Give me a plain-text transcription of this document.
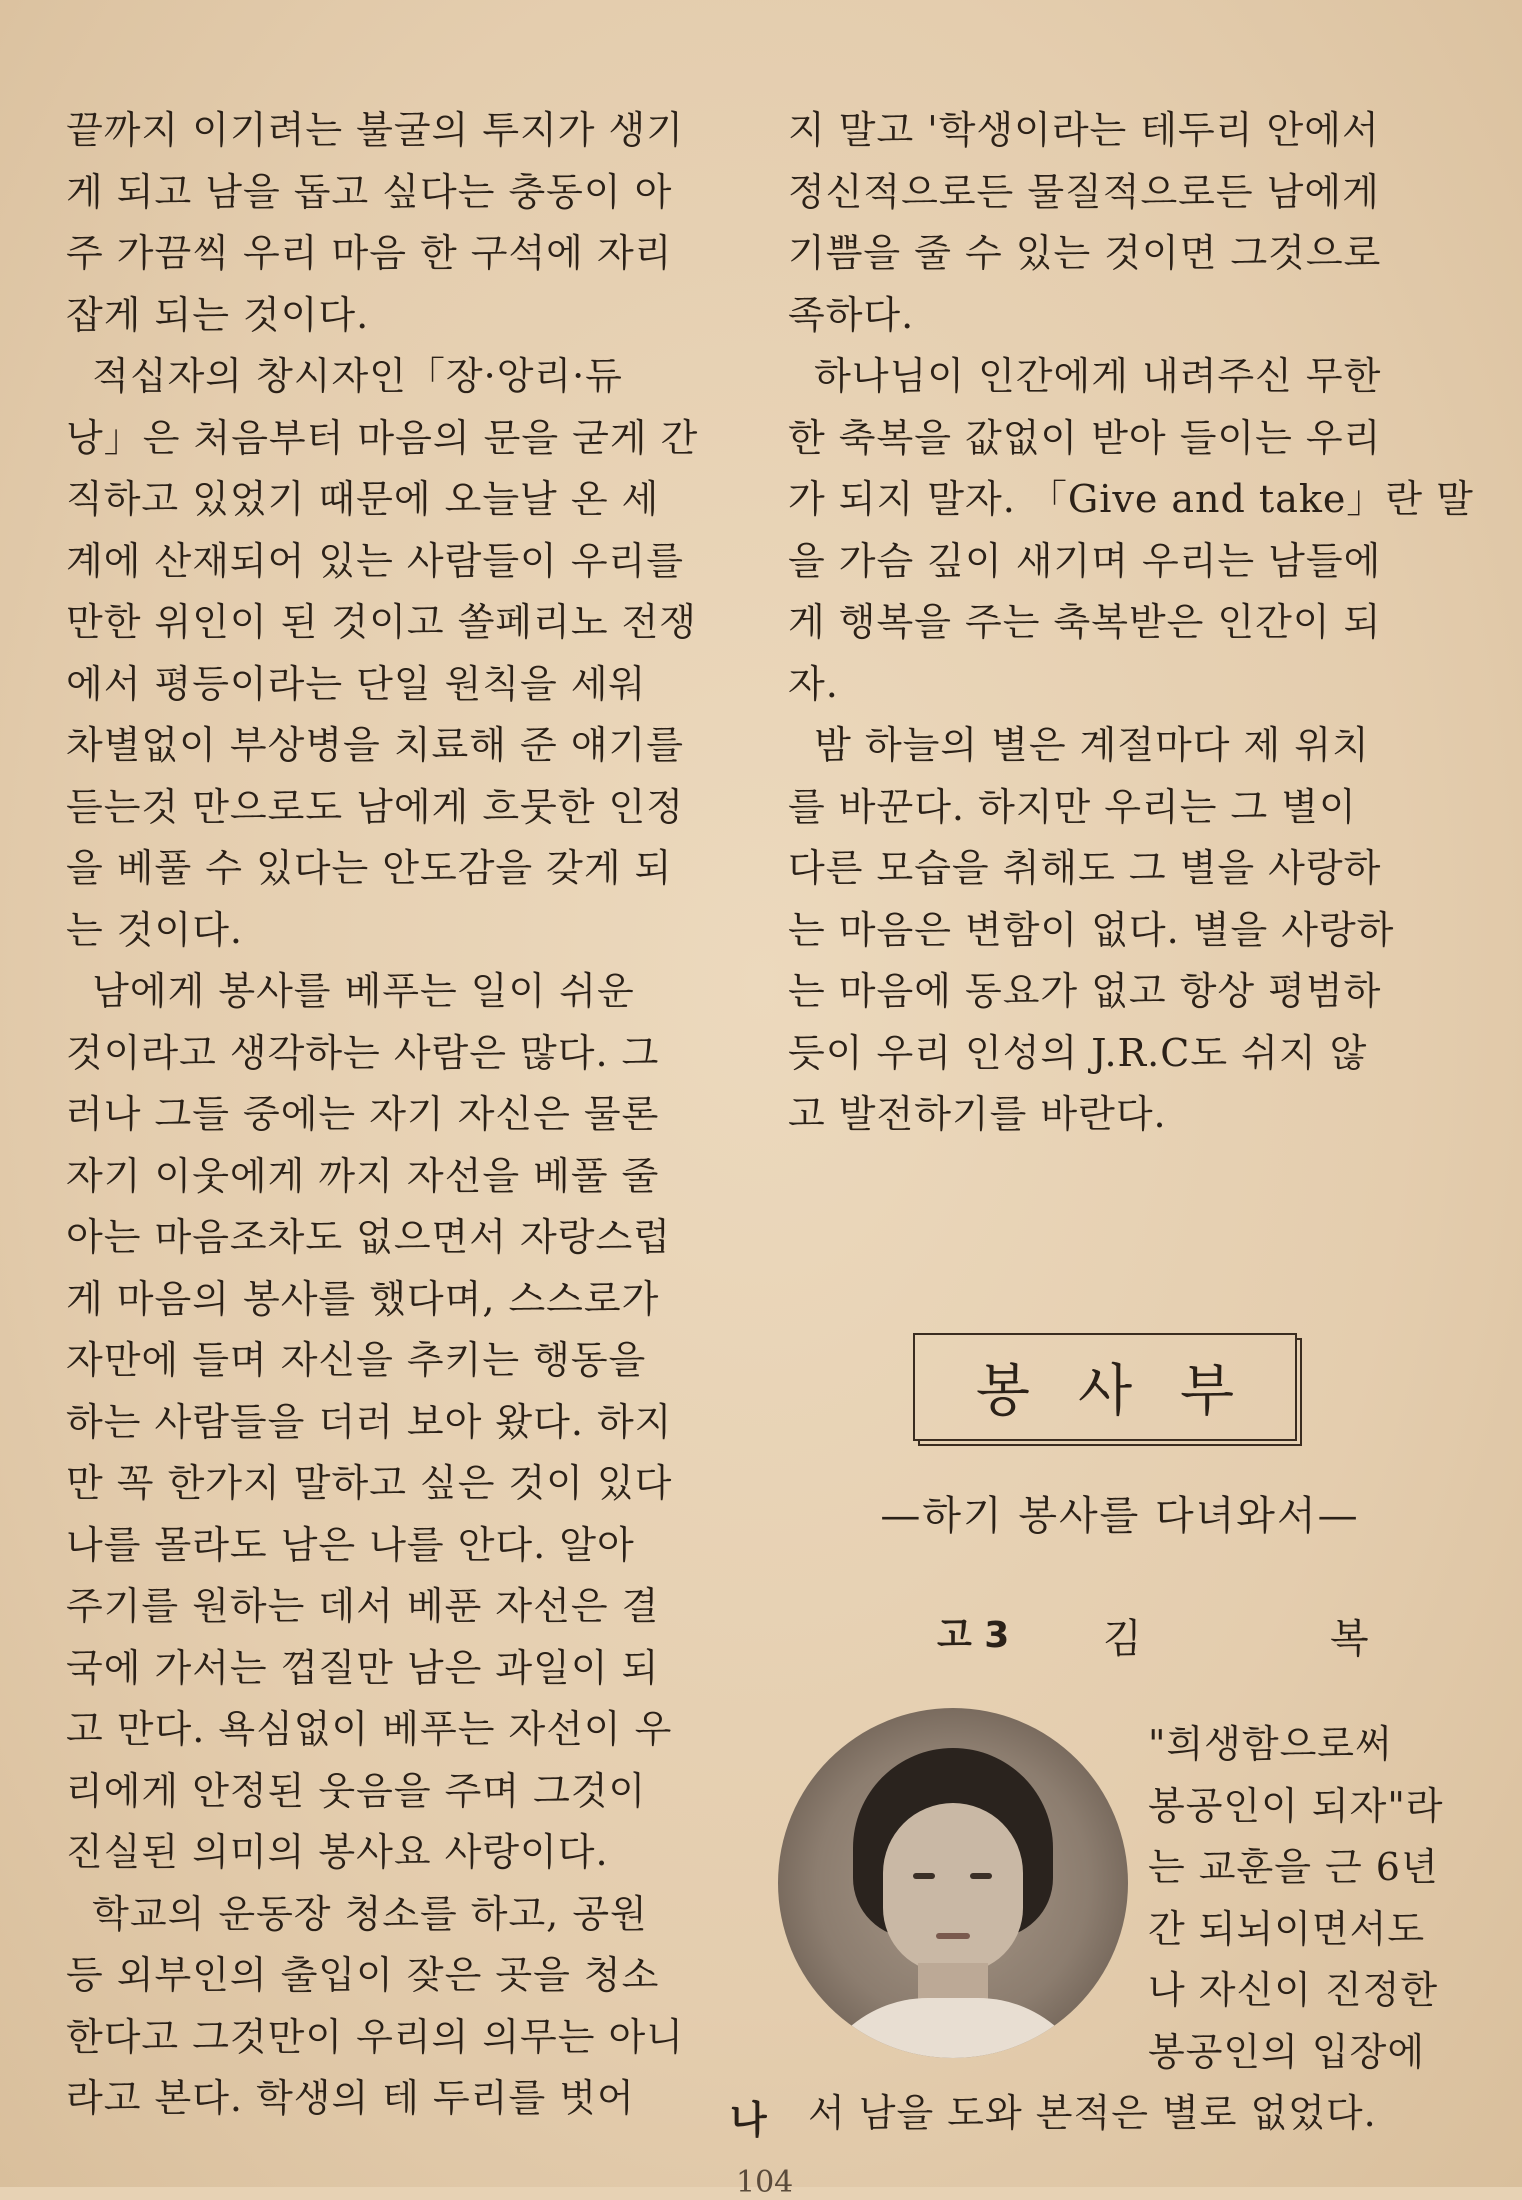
끝까지 이기려는 불굴의 투지가 생기

게 되고 남을 돕고 싶다는 충동이 아

주 가끔씩 우리 마음 한 구석에 자리

잡게 되는 것이다.

적십자의 창시자인「장·앙리·듀

낭」은 처음부터 마음의 문을 굳게 간

직하고 있었기 때문에 오늘날 온 세

계에 산재되어 있는 사람들이 우리를

만한 위인이 된 것이고 쏠페리노 전쟁

에서 평등이라는 단일 원칙을 세워

차별없이 부상병을 치료해 준 얘기를

듣는것 만으로도 남에게 흐뭇한 인정

을 베풀 수 있다는 안도감을 갖게 되

는 것이다.

남에게 봉사를 베푸는 일이 쉬운

것이라고 생각하는 사람은 많다. 그

러나 그들 중에는 자기 자신은 물론

자기 이웃에게 까지 자선을 베풀 줄

아는 마음조차도 없으면서 자랑스럽

게 마음의 봉사를 했다며, 스스로가

자만에 들며 자신을 추키는 행동을

하는 사람들을 더러 보아 왔다. 하지

만 꼭 한가지 말하고 싶은 것이 있다

나를 몰라도 남은 나를 안다. 알아

주기를 원하는 데서 베푼 자선은 결

국에 가서는 껍질만 남은 과일이 되

고 만다. 욕심없이 베푸는 자선이 우

리에게 안정된 웃음을 주며 그것이

진실된 의미의 봉사요 사랑이다.

학교의 운동장 청소를 하고, 공원

등 외부인의 출입이 잦은 곳을 청소

한다고 그것만이 우리의 의무는 아니

라고 본다. 학생의 테 두리를 벗어

지 말고 '학생이라는 테두리 안에서

정신적으로든 물질적으로든 남에게

기쁨을 줄 수 있는 것이면 그것으로

족하다.

하나님이 인간에게 내려주신 무한

한 축복을 값없이 받아 들이는 우리

가 되지 말자. 「Give and take」란 말

을 가슴 깊이 새기며 우리는 남들에

게 행복을 주는 축복받은 인간이 되

자.

밤 하늘의 별은 계절마다 제 위치

를 바꾼다. 하지만 우리는 그 별이

다른 모습을 취해도 그 별을 사랑하

는 마음은 변함이 없다. 별을 사랑하

는 마음에 동요가 없고 항상 평범하

듯이 우리 인성의 J.R.C도 쉬지 않

고 발전하기를 바란다.

봉사부
—하기 봉사를 다녀와서—
고 3 김	복

"희생함으로써

봉공인이 되자"라

는 교훈을 근 6년

간 되뇌이면서도

나 자신이 진정한

봉공인의 입장에

서 남을 도와 본적은 별로 없었다.

나
104
